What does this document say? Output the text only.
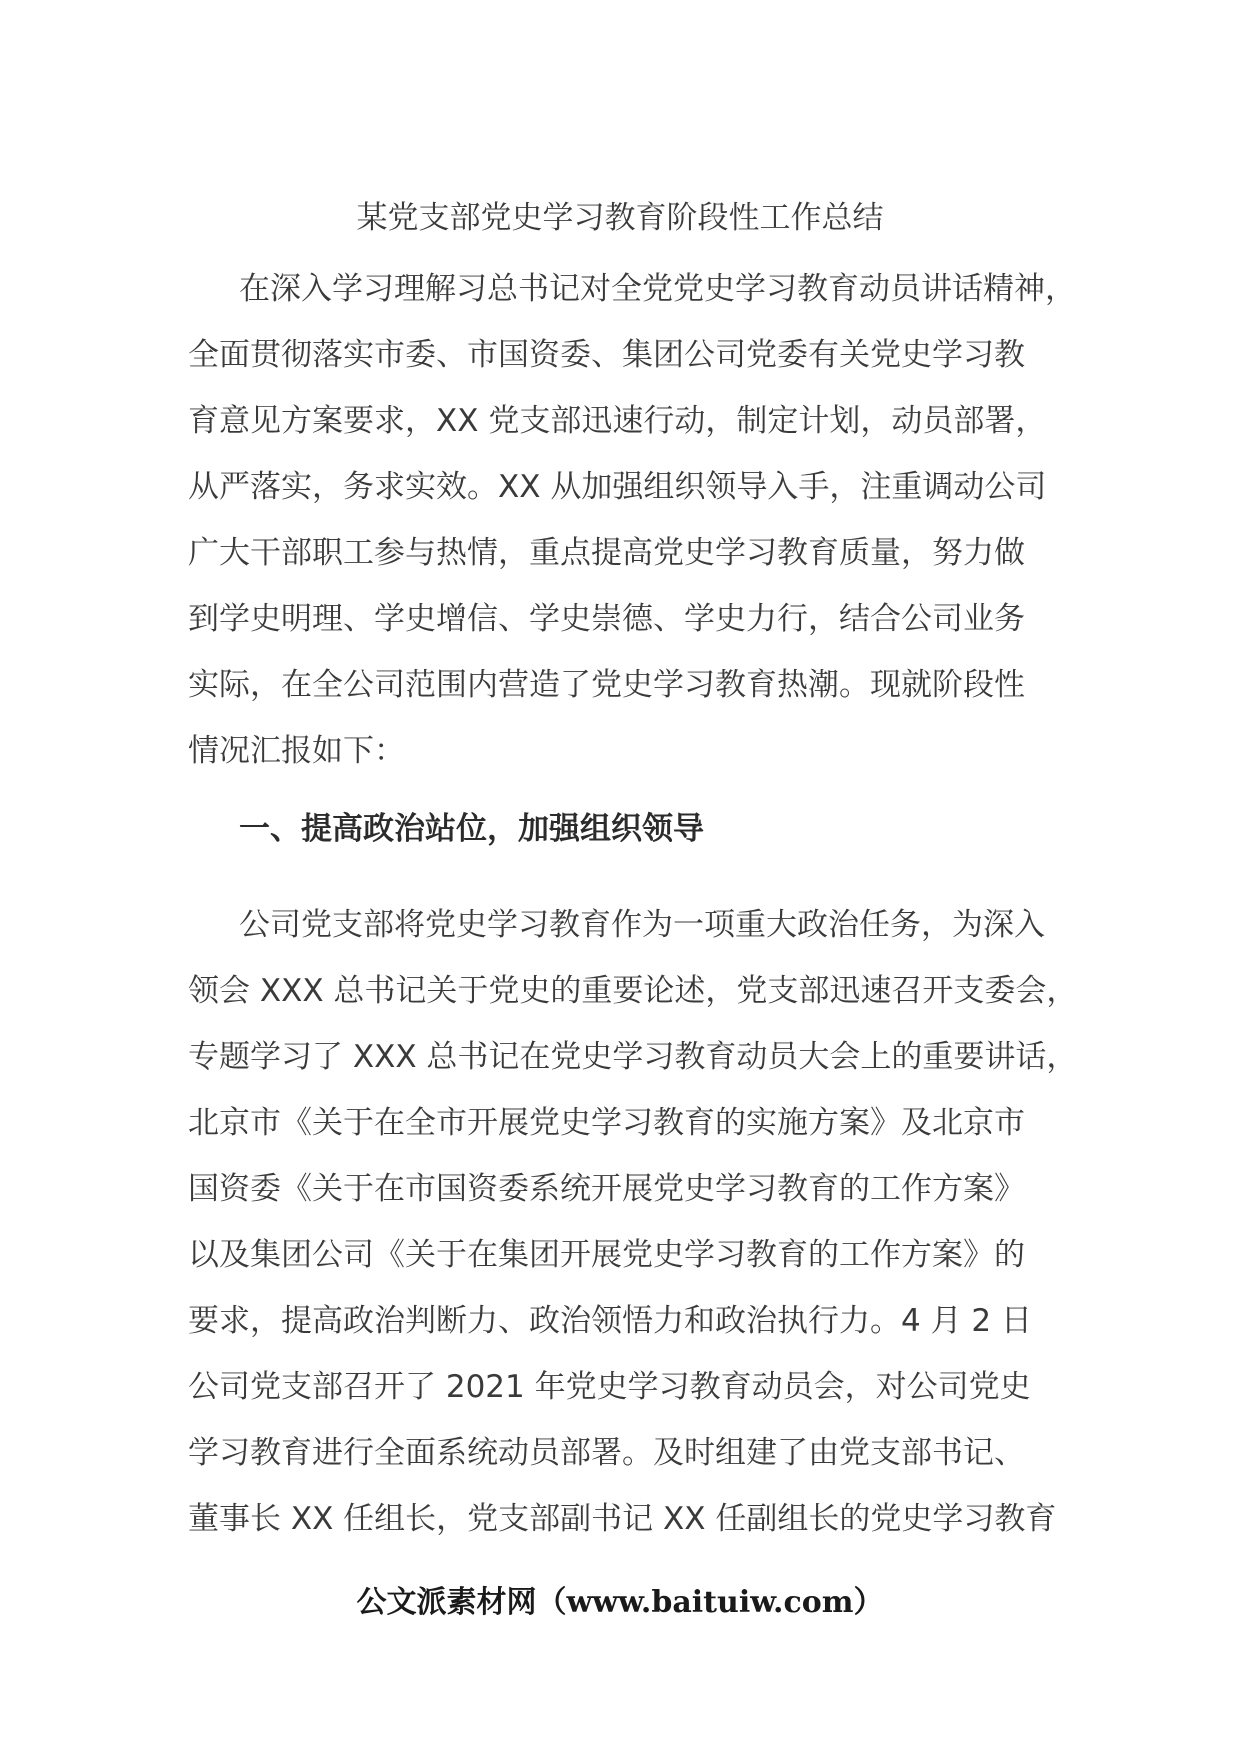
某党支部党史学习教育阶段性工作总结
在深入学习理解习总书记对全党党史学习教育动员讲话精神，
全面贯彻落实市委、市国资委、集团公司党委有关党史学习教
育意见方案要求，XX 党支部迅速行动，制定计划，动员部署，
从严落实，务求实效。XX 从加强组织领导入手，注重调动公司
广大干部职工参与热情，重点提高党史学习教育质量，努力做
到学史明理、学史增信、学史崇德、学史力行，结合公司业务
实际，在全公司范围内营造了党史学习教育热潮。现就阶段性
情况汇报如下：
一、提高政治站位，加强组织领导
公司党支部将党史学习教育作为一项重大政治任务，为深入
领会 XXX 总书记关于党史的重要论述，党支部迅速召开支委会，
专题学习了 XXX 总书记在党史学习教育动员大会上的重要讲话，
北京市《关于在全市开展党史学习教育的实施方案》及北京市
国资委《关于在市国资委系统开展党史学习教育的工作方案》
以及集团公司《关于在集团开展党史学习教育的工作方案》的
要求，提高政治判断力、政治领悟力和政治执行力。4 月 2 日
公司党支部召开了 2021 年党史学习教育动员会，对公司党史
学习教育进行全面系统动员部署。及时组建了由党支部书记、
董事长 XX 任组长，党支部副书记 XX 任副组长的党史学习教育
公文派素材网（www.baituiw.com）
